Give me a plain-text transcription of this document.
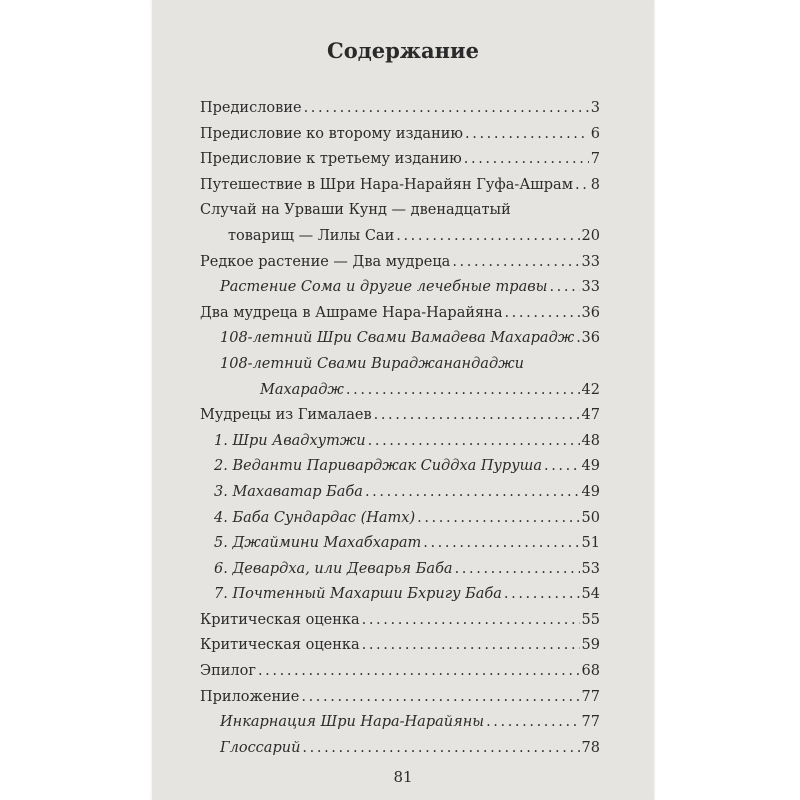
Содержание
Предисловие . . .	3
Предисловие ко второму изданию . . .	6
Предисловие к третьему изданию . . .	7
Путешествие в Шри Нара-Нарайян Гуфа-Ашрам . . . 8
Случай на Урваши Кунд — двенадцатый
товарищ — Лилы Саи . . .	20
Редкое растение — Два мудреца . . .	33
Растение Сома и другие лечебные травы . . . 33
Два мудреца в Ашраме Нара-Нарайяна . . .	36
108-летний Шри Свами Вамадева Махарадж . . . 36
108-летний Свами Вираджанандаджи
Махарадж . . .	42
Мудрецы из Гималаев . . .	47
1. Шри Авадхутжи . . .	48
2. Веданти Париварджак Сиддха Пуруша . . .	49
3. Махаватар Баба . . .	49
4. Баба Сундардас (Натх) . . .	50
5. Джаймини Махабхарат . . .	51
6. Девардха, или Деварья Баба . . .	53
7. Почтенный Махарши Бхригу Баба . . .	54
Критическая оценка . . .	55
Критическая оценка . . .	59
Эпилог . . .	68
Приложение . . .	77
Инкарнация Шри Нара-Нарайяны . . .	77
Глоссарий . . .	78
81
